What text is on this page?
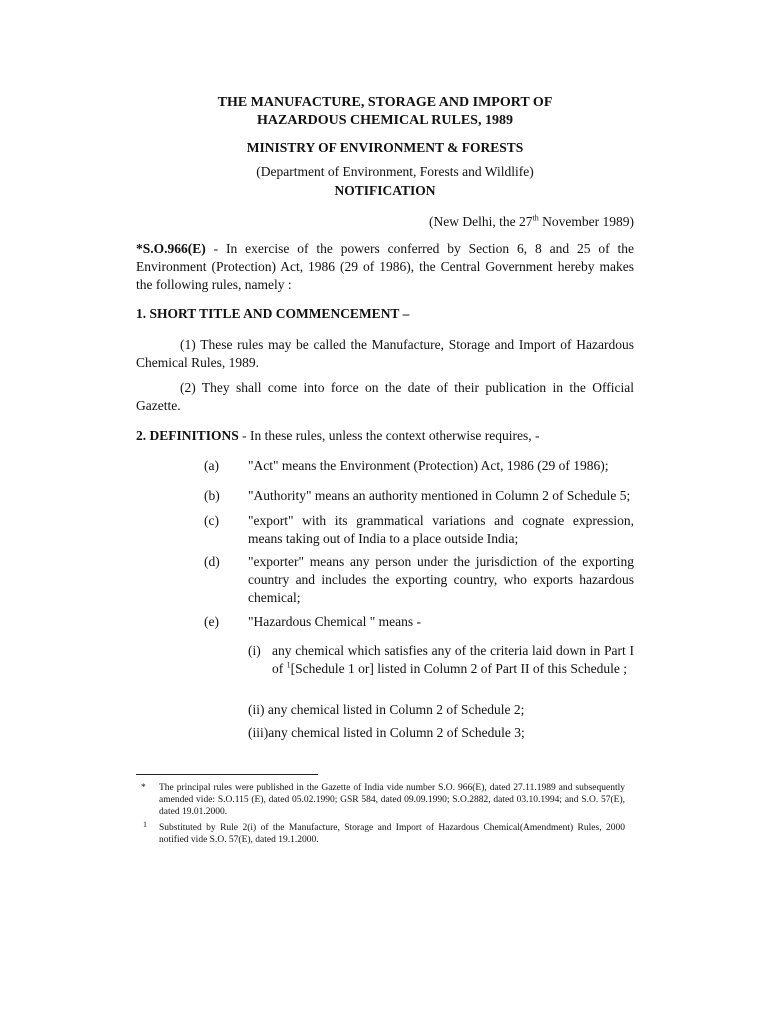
THE MANUFACTURE, STORAGE AND IMPORT OF
HAZARDOUS CHEMICAL RULES, 1989
MINISTRY OF ENVIRONMENT & FORESTS
(Department of Environment, Forests and Wildlife)
NOTIFICATION
(New Delhi, the 27th November 1989)
*S.O.966(E) - In exercise of the powers conferred by Section 6, 8 and 25 of the Environment (Protection) Act, 1986 (29 of 1986), the Central Government hereby makes the following rules, namely :
1. SHORT TITLE AND COMMENCEMENT –
(1) These rules may be called the Manufacture, Storage and Import of Hazardous Chemical Rules, 1989.
(2) They shall come into force on the date of their publication in the Official Gazette.
2. DEFINITIONS - In these rules, unless the context otherwise requires, -
(a) "Act" means the Environment (Protection) Act, 1986 (29 of 1986);
(b) "Authority" means an authority mentioned in Column 2 of Schedule 5;
(c) "export" with its grammatical variations and cognate expression, means taking out of India to a place outside India;
(d) "exporter" means any person under the jurisdiction of the exporting country and includes the exporting country, who exports hazardous chemical;
(e) "Hazardous Chemical " means -
(i) any chemical which satisfies any of the criteria laid down in Part I of $^1$[Schedule 1 or] listed in Column 2 of Part II of this Schedule ;
(ii) any chemical listed in Column 2 of Schedule 2;
(iii)any chemical listed in Column 2 of Schedule 3;
* The principal rules were published in the Gazette of India vide number S.O. 966(E), dated 27.11.1989 and subsequently amended vide: S.O.115 (E), dated 05.02.1990; GSR 584, dated 09.09.1990; S.O.2882, dated 03.10.1994; and S.O. 57(E), dated 19.01.2000.
1 Substituted by Rule 2(i) of the Manufacture, Storage and Import of Hazardous Chemical(Amendment) Rules, 2000 notified vide S.O. 57(E), dated 19.1.2000.
